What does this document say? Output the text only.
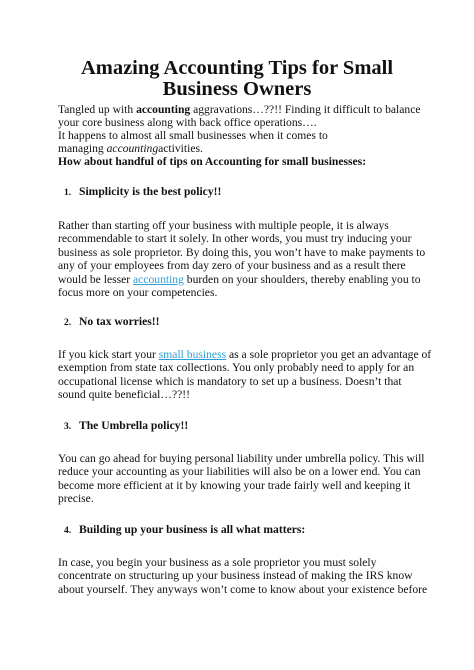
Amazing Accounting Tips for Small
Business Owners

Tangled up with accounting aggravations…??!! Finding it difficult to balance

your core business along with back office operations….

It happens to almost all small businesses when it comes to

managing accountingactivities.

How about handful of tips on Accounting for small businesses:

1. Simplicity is the best policy!!
Rather than starting off your business with multiple people, it is always
recommendable to start it solely. In other words, you must try inducing your
business as sole proprietor. By doing this, you won’t have to make payments to
any of your employees from day zero of your business and as a result there
would be lesser accounting burden on your shoulders, thereby enabling you to
focus more on your competencies.
2. No tax worries!!
If you kick start your small business as a sole proprietor you get an advantage of
exemption from state tax collections. You only probably need to apply for an
occupational license which is mandatory to set up a business. Doesn’t that
sound quite beneficial…??!!
3. The Umbrella policy!!
You can go ahead for buying personal liability under umbrella policy. This will
reduce your accounting as your liabilities will also be on a lower end. You can
become more efficient at it by knowing your trade fairly well and keeping it
precise.
4. Building up your business is all what matters:
In case, you begin your business as a sole proprietor you must solely
concentrate on structuring up your business instead of making the IRS know
about yourself. They anyways won’t come to know about your existence before
